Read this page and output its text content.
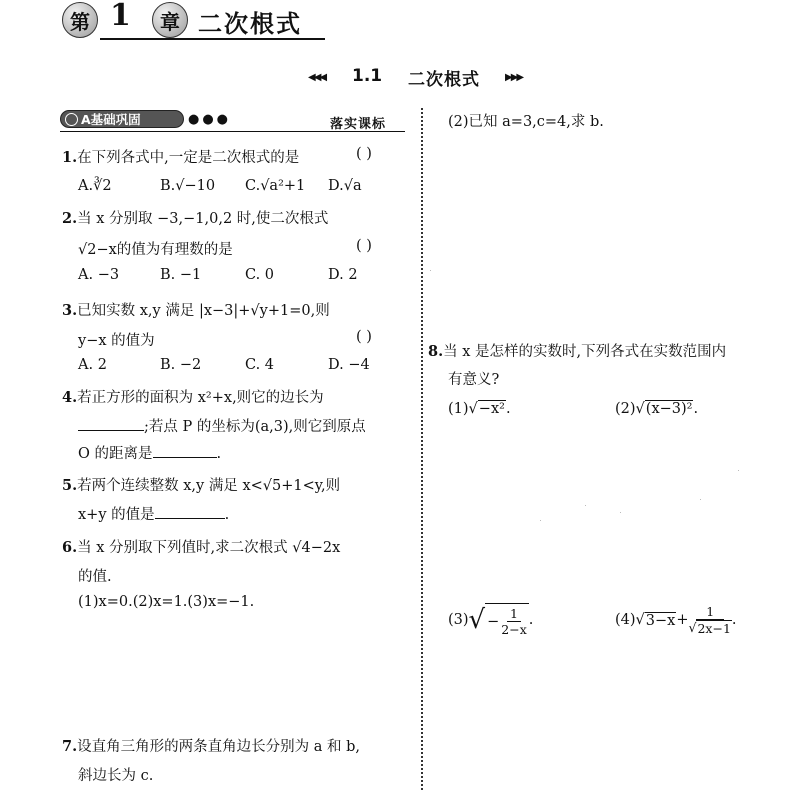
第 1 章 二次根式
◀◀◀ 1.1 二次根式	▶▶▶
A基础巩固	●●●	落实课标
1.在下列各式中,一定是二次根式的是	( )
A.∛2	B.√−10 C.√a²+1 D.√a
2.当 x 分别取 −3,−1,0,2 时,使二次根式
√2−x的值为有理数的是	( )
A. −3	B. −1	C. 0	D. 2
3.已知实数 x,y 满足 |x−3|+√y+1=0,则
y−x 的值为	( )
A. 2	B. −2	C. 4	D. −4
4.若正方形的面积为 x²+x,则它的边长为
;若点 P 的坐标为(a,3),则它到原点
O 的距离是	.
5.若两个连续整数 x,y 满足 x<√5+1<y,则
x+y 的值是	.
6.当 x 分别取下列值时,求二次根式 √4−2x
的值.
(1)x=0.(2)x=1.(3)x=−1.
7.设直角三角形的两条直角边长分别为 a 和 b,
斜边长为 c.
(2)已知 a=3,c=4,求 b.
8.当 x 是怎样的实数时,下列各式在实数范围内
有意义?
(1)√−x².	(2)√(x−3)².
(3) √ − $\frac{1}{2-x}$ .	(4) √ $3-x + \frac{1}{√ 2x-1}$ .
